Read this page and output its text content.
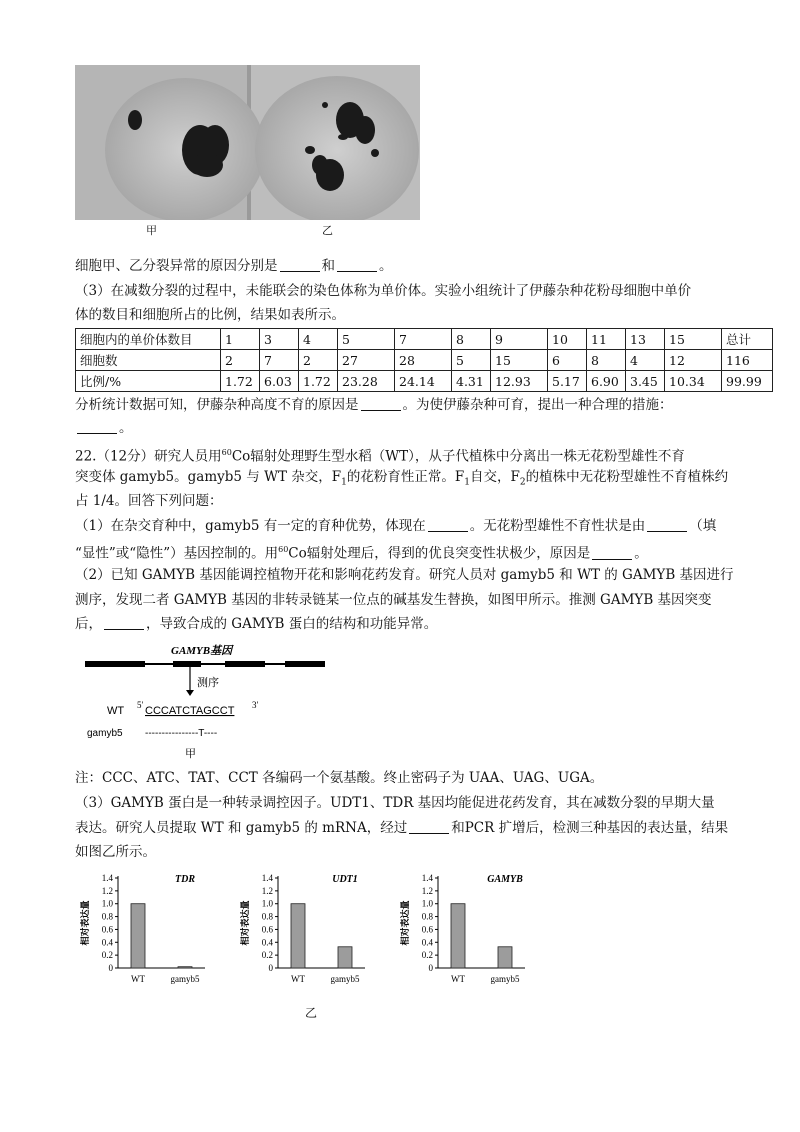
甲	乙
细胞甲、乙分裂异常的原因分别是	和	。
（3）在减数分裂的过程中，未能联会的染色体称为单价体。实验小组统计了伊藤杂种花粉母细胞中单价
体的数目和细胞所占的比例，结果如表所示。
细胞内的单价体数目	1	3	4	5	7	8	9	10	11	13	15	总计
细胞数	2	7	2	27	28	5	15	6	8	4	12	116
比例/%	1.72	6.03	1.72	23.28	24.14	4.31	12.93	5.17	6.90	3.45	10.34	99.99
分析统计数据可知，伊藤杂种高度不育的原因是	。为使伊藤杂种可育，提出一种合理的措施：
。
22.（12分）研究人员用$^{60}$Co辐射处理野生型水稻（WT），从子代植株中分离出一株无花粉型雄性不育
突变体 gamyb5。gamyb5 与 WT 杂交，$F_1$的花粉育性正常。$F_1$自交，$F_2$的植株中无花粉型雄性不育植株约
占 1/4。回答下列问题：
（1）在杂交育种中，gamyb5 有一定的育种优势，体现在	。无花粉型雄性不育性状是由	（填
“显性”或“隐性”）基因控制的。用$^{60}$Co辐射处理后，得到的优良突变性状极少，原因是	。
（2）已知 GAMYB 基因能调控植物开花和影响花药发育。研究人员对 gamyb5 和 WT 的 GAMYB 基因进行
测序，发现二者 GAMYB 基因的非转录链某一位点的碱基发生替换，如图甲所示。推测 GAMYB 基因突变
后，	，导致合成的 GAMYB 蛋白的结构和功能异常。
GAMYB基因
测序
WT 5′ CCCATCTAGCCT 3′
gamyb5 ----------------T----
甲
注：CCC、ATC、TAT、CCT 各编码一个氨基酸。终止密码子为 UAA、UAG、UGA。
（3）GAMYB 蛋白是一种转录调控因子。UDT1、TDR 基因均能促进花药发育，其在减数分裂的早期大量
表达。研究人员提取 WT 和 gamyb5 的 mRNA，经过	和PCR 扩增后，检测三种基因的表达量，结果
如图乙所示。
相对表达量
0
0.2
0.4
0.6
0.8
1.0
1.2
1.4	TDR
WT	gamyb5
相对表达量
0
0.2
0.4
0.6
0.8
1.0
1.2
1.4	UDT1
WT	gamyb5
相对表达量
0
0.2
0.4
0.6
0.8
1.0
1.2
1.4	GAMYB
WT	gamyb5
乙
